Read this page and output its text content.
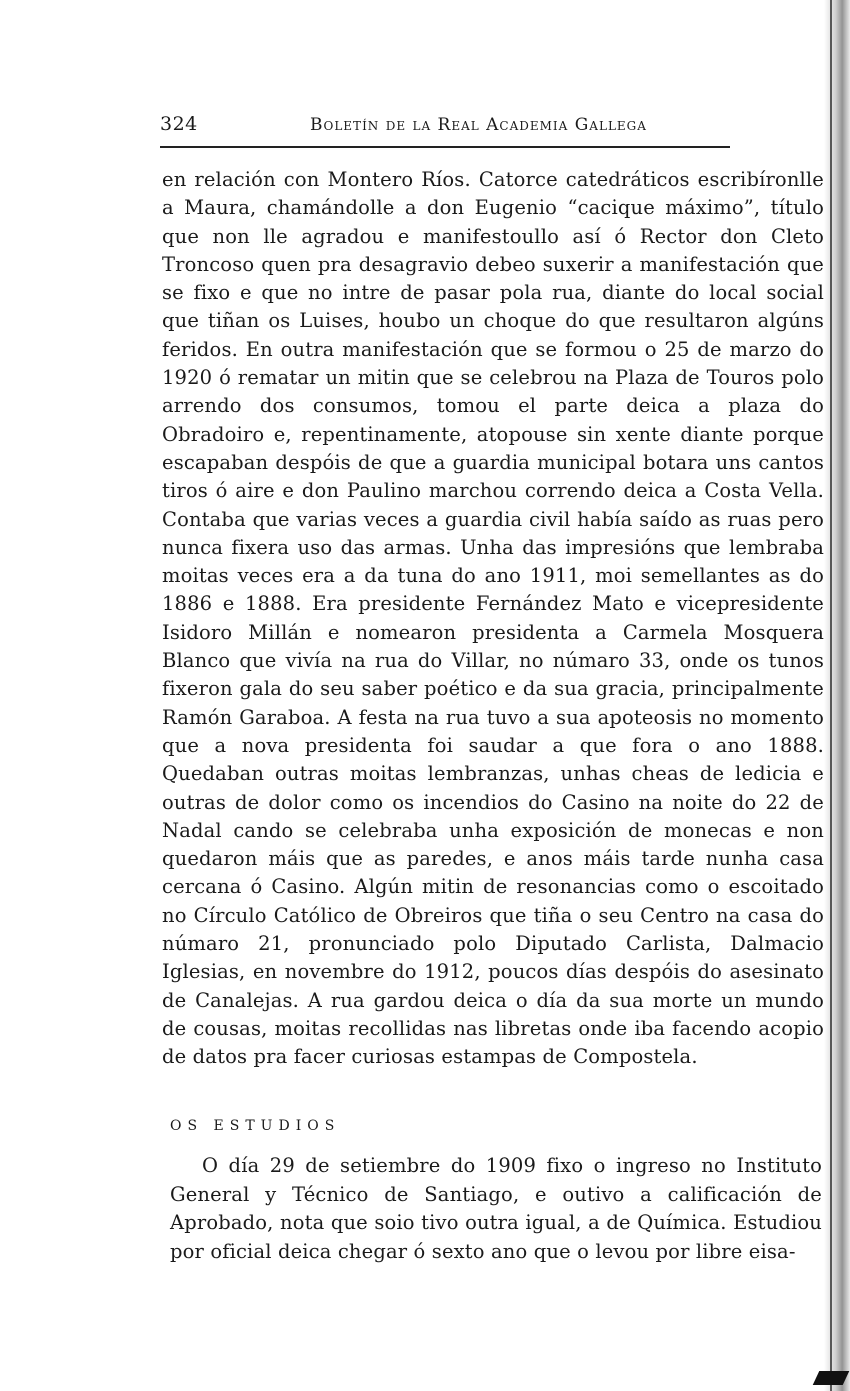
324	Boletín de la Real Academia Gallega

en relación con Montero Ríos. Catorce catedráticos escribíronlle a Maura, chamándolle a don Eugenio “cacique máximo”, título que non lle agradou e manifestoullo así ó Rector don Cleto Troncoso quen pra desagravio debeo suxerir a manifestación que se fixo e que no intre de pasar pola rua, diante do local social que tiñan os Luises, houbo un choque do que resultaron algúns feridos. En outra manifestación que se formou o 25 de marzo do 1920 ó rematar un mitin que se celebrou na Plaza de Touros polo arrendo dos consumos, tomou el parte deica a plaza do Obradoiro e, repentinamente, atopouse sin xente diante porque escapaban despóis de que a guardia municipal botara uns cantos tiros ó aire e don Paulino marchou correndo deica a Costa Vella. Contaba que varias veces a guardia civil había saído as ruas pero nunca fixera uso das armas. Unha das impresións que lembraba moitas veces era a da tuna do ano 1911, moi semellantes as do 1886 e 1888. Era presidente Fernández Mato e vicepresidente Isidoro Millán e nomearon presidenta a Carmela Mosquera Blanco que vivía na rua do Villar, no númaro 33, onde os tunos fixeron gala do seu saber poético e da sua gracia, principalmente Ramón Garaboa. A festa na rua tuvo a sua apoteosis no momento que a nova presidenta foi saudar a que fora o ano 1888. Quedaban outras moitas lembranzas, unhas cheas de ledicia e outras de dolor como os incendios do Casino na noite do 22 de Nadal cando se celebraba unha exposición de monecas e non quedaron máis que as paredes, e anos máis tarde nunha casa cercana ó Casino. Algún mitin de resonancias como o escoitado no Círculo Católico de Obreiros que tiña o seu Centro na casa do númaro 21, pronunciado polo Diputado Carlista, Dalmacio Iglesias, en novembre do 1912, poucos días despóis do asesinato de Canalejas. A rua gardou deica o día da sua morte un mundo de cousas, moitas recollidas nas libretas onde iba facendo acopio de datos pra facer curiosas estampas de Compostela.

OS ESTUDIOS

O día 29 de setiembre do 1909 fixo o ingreso no Instituto General y Técnico de Santiago, e outivo a calificación de Aprobado, nota que soio tivo outra igual, a de Química. Estudiou por oficial deica chegar ó sexto ano que o levou por libre eisa-
